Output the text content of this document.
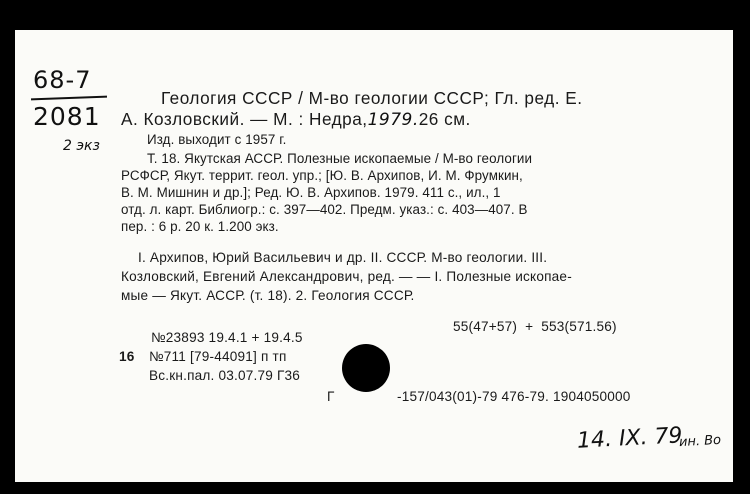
68-7
2081
2 экз
Геология СССР / М-во геологии СССР; Гл. ред. Е.
А. Козловский. — М. : Недра,1979.26 см.
Изд. выходит с 1957 г.
Т. 18. Якутская АССР. Полезные ископаемые / М-во геологии
РСФСР, Якут. террит. геол. упр.; [Ю. В. Архипов, И. М. Фрумкин,
В. М. Мишнин и др.]; Ред. Ю. В. Архипов. 1979. 411 с., ил., 1
отд. л. карт. Библиогр.: с. 397—402. Предм. указ.: с. 403—407. В
пер. : 6 р. 20 к. 1.200 экз.
I. Архипов, Юрий Васильевич и др. II. СССР. М-во геологии. III.
Козловский, Евгений Александрович, ред. — — I. Полезные ископае-
мые — Якут. АССР. (т. 18). 2. Геология СССР.
55(47+57) + 553(571.56)
№23893 19.4.1 + 19.4.5
16 №711 [79-44091] п тп
Вс.кн.пал. 03.07.79 Г36
Г	-157/043(01)-79 476-79. 1904050000
14. IX. 79
ин. Во
